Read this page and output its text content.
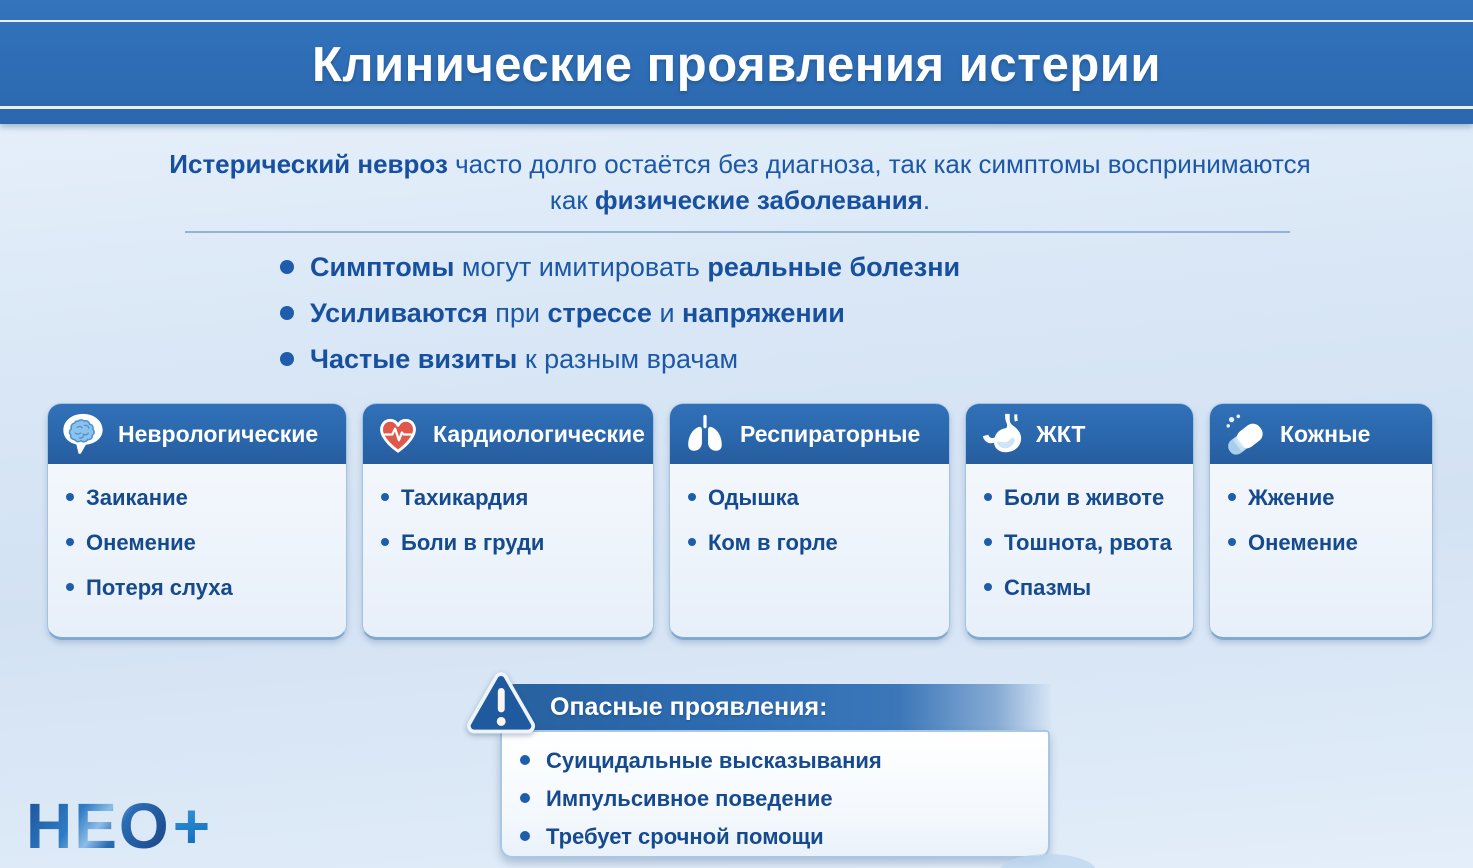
Клинические проявления истерии

Истерический невроз часто долго остаётся без диагноза, так как симптомы воспринимаются как физические заболевания.

Симптомы могут имитировать реальные болезни
Усиливаются при стрессе и напряжении
Частые визиты к разным врачам
Неврологические
Заикание
Онемение
Потеря слуха
Кардиологические
Тахикардия
Боли в груди
Респираторные
Одышка
Ком в горле
ЖКТ
Боли в животе
Тошнота, рвота
Спазмы
Кожные
Жжение
Онемение
Опасные проявления:
Суицидальные высказывания
Импульсивное поведение
Требует срочной помощи
НЕО +
